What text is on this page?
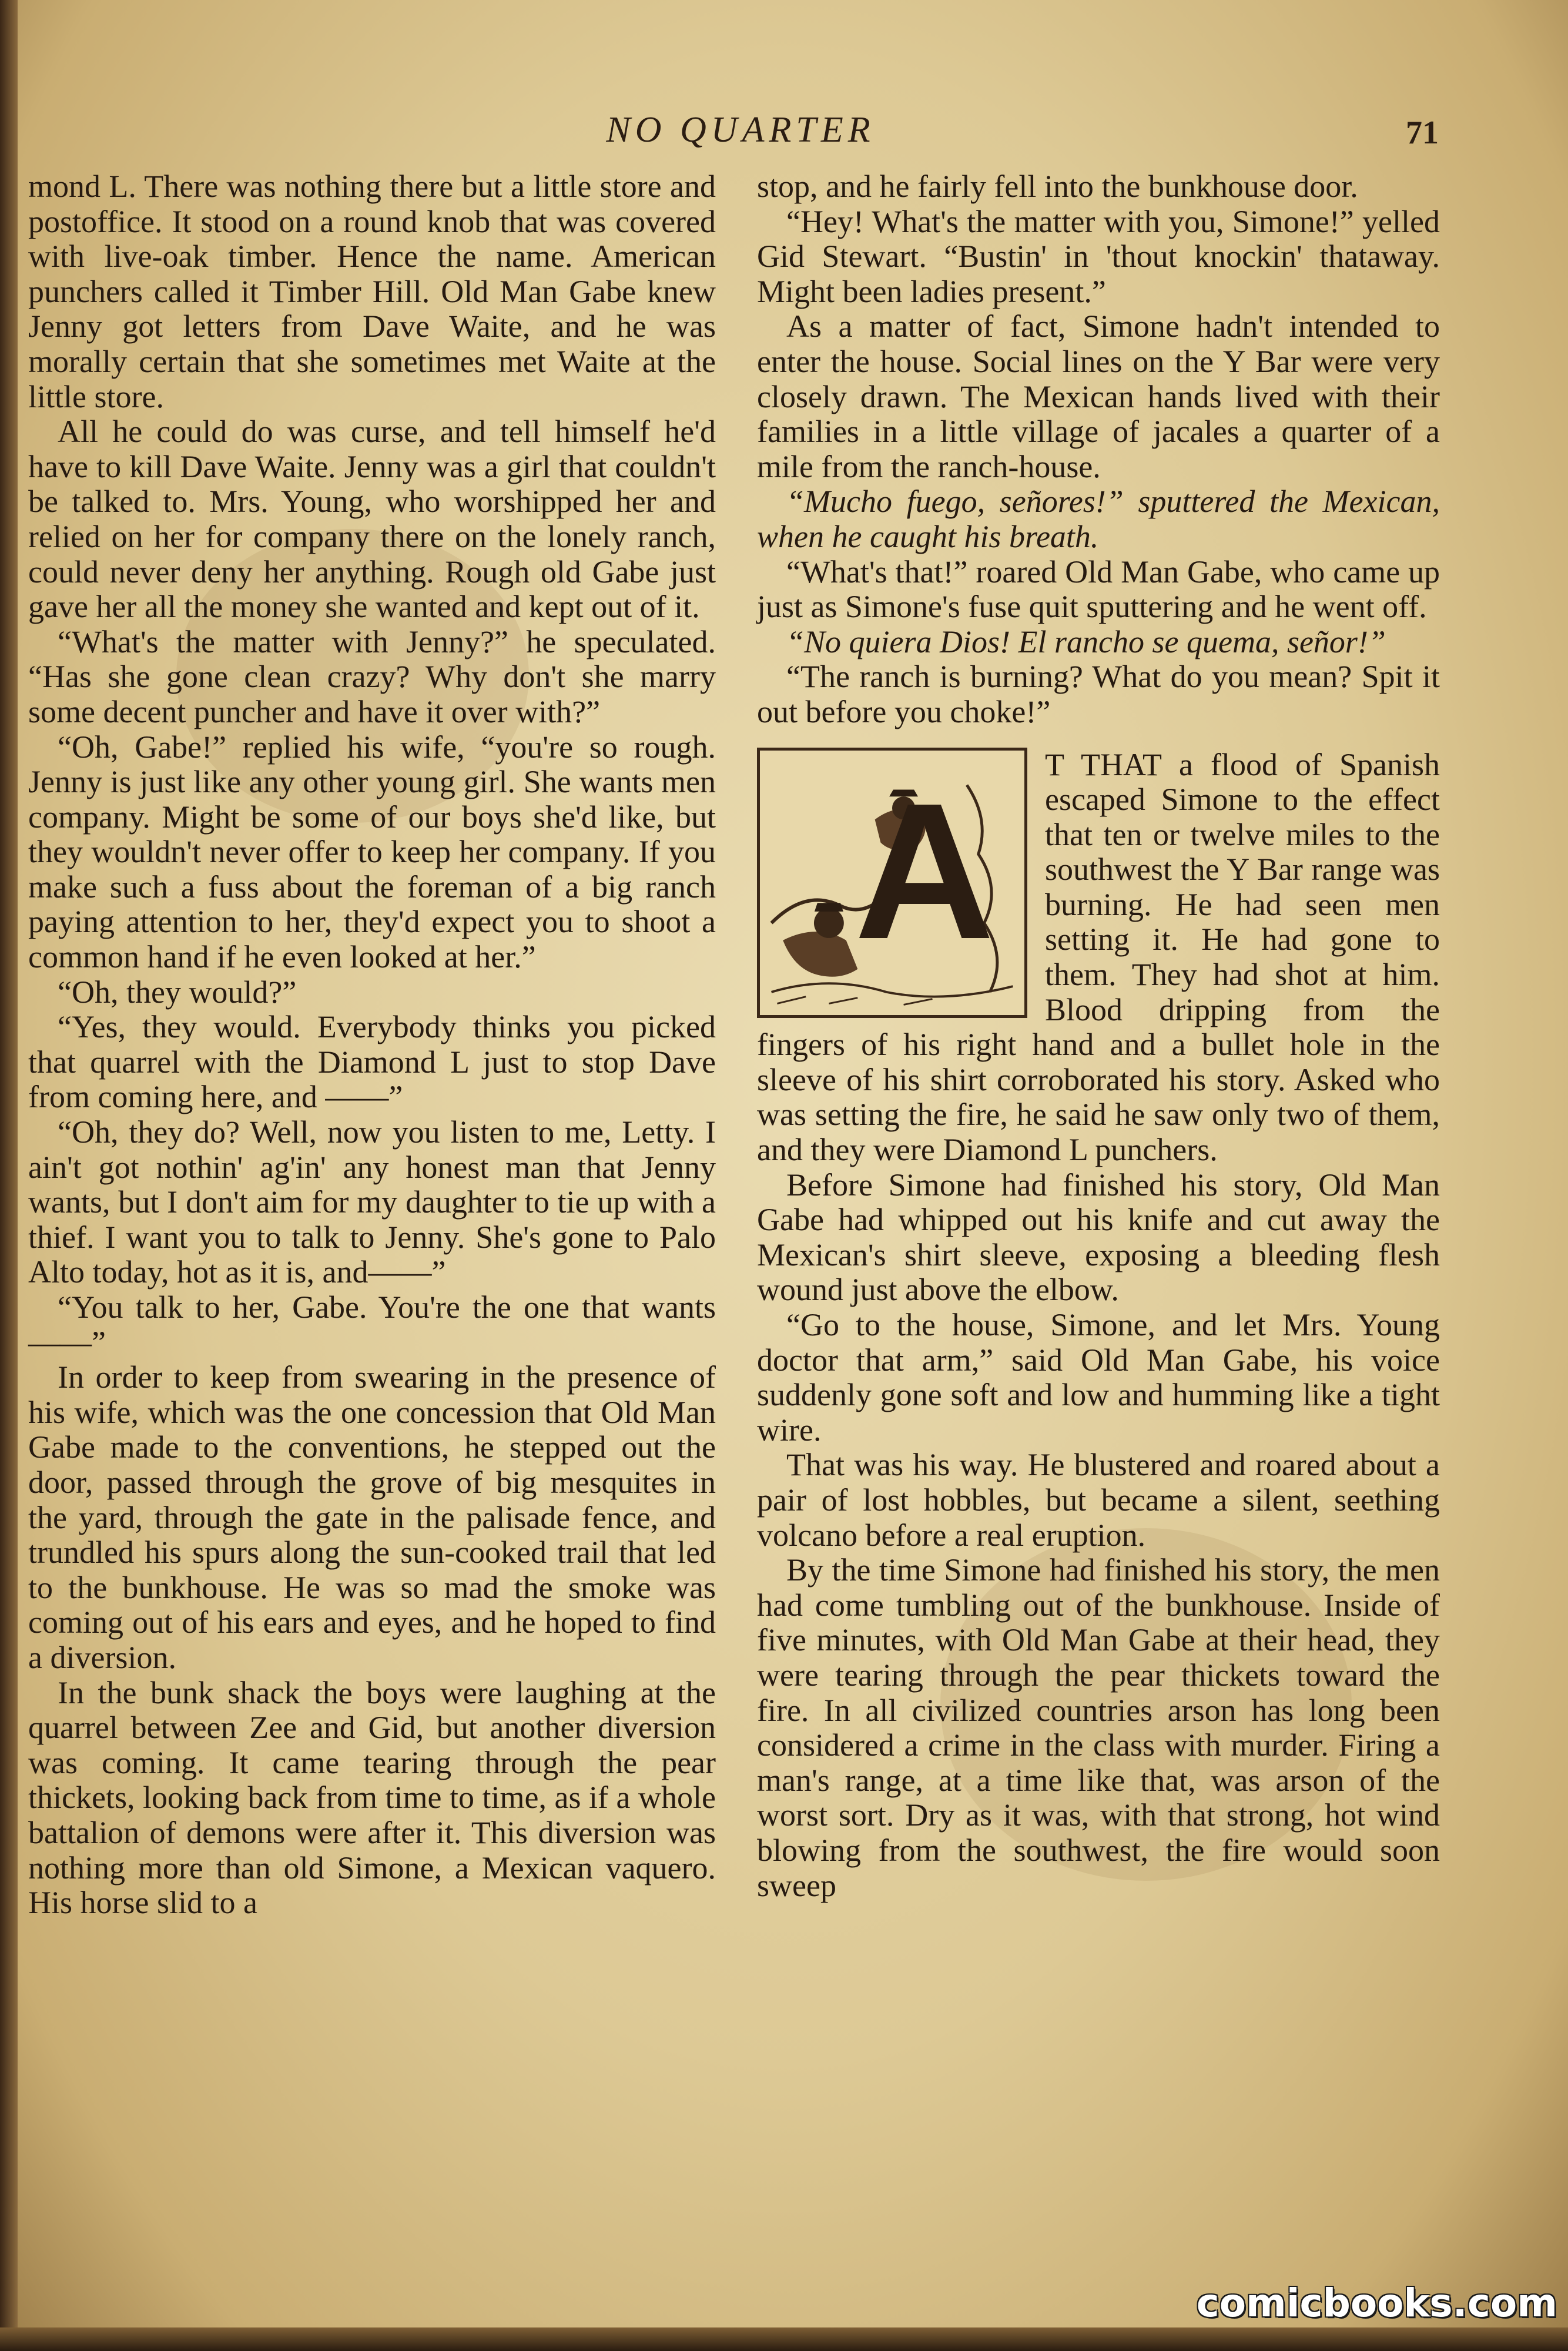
NO QUARTER	71

mond L. There was nothing there but a little store and postoffice. It stood on a round knob that was covered with live-oak timber. Hence the name. American punchers called it Timber Hill. Old Man Gabe knew Jenny got letters from Dave Waite, and he was morally certain that she sometimes met Waite at the little store.

All he could do was curse, and tell himself he'd have to kill Dave Waite. Jenny was a girl that couldn't be talked to. Mrs. Young, who worshipped her and relied on her for company there on the lonely ranch, could never deny her anything. Rough old Gabe just gave her all the money she wanted and kept out of it.

“What's the matter with Jenny?” he speculated. “Has she gone clean crazy? Why don't she marry some decent puncher and have it over with?”

“Oh, Gabe!” replied his wife, “you're so rough. Jenny is just like any other young girl. She wants men company. Might be some of our boys she'd like, but they wouldn't never offer to keep her company. If you make such a fuss about the foreman of a big ranch paying attention to her, they'd expect you to shoot a common hand if he even looked at her.”

“Oh, they would?”

“Yes, they would. Everybody thinks you picked that quarrel with the Diamond L just to stop Dave from coming here, and ——”

“Oh, they do? Well, now you listen to me, Letty. I ain't got nothin' ag'in' any honest man that Jenny wants, but I don't aim for my daughter to tie up with a thief. I want you to talk to Jenny. She's gone to Palo Alto today, hot as it is, and——”

“You talk to her, Gabe. You're the one that wants——”

In order to keep from swearing in the presence of his wife, which was the one concession that Old Man Gabe made to the conventions, he stepped out the door, passed through the grove of big mesquites in the yard, through the gate in the palisade fence, and trundled his spurs along the sun-cooked trail that led to the bunkhouse. He was so mad the smoke was coming out of his ears and eyes, and he hoped to find a diversion.

In the bunk shack the boys were laughing at the quarrel between Zee and Gid, but another diversion was coming. It came tearing through the pear thickets, looking back from time to time, as if a whole battalion of demons were after it. This diversion was nothing more than old Simone, a Mexican vaquero. His horse slid to a

stop, and he fairly fell into the bunkhouse door.

“Hey! What's the matter with you, Simone!” yelled Gid Stewart. “Bustin' in 'thout knockin' thataway. Might been ladies present.”

As a matter of fact, Simone hadn't intended to enter the house. Social lines on the Y Bar were very closely drawn. The Mexican hands lived with their families in a little village of jacales a quarter of a mile from the ranch-house.

“Mucho fuego, señores!” sputtered the Mexican, when he caught his breath.

“What's that!” roared Old Man Gabe, who came up just as Simone's fuse quit sputtering and he went off.

“No quiera Dios! El rancho se quema, señor!”

“The ranch is burning? What do you mean? Spit it out before you choke!”

A	T THAT a flood of Spanish escaped Simone to the effect that ten or twelve miles to the southwest the Y Bar range was burning. He had seen men setting it. He had gone to them. They had shot at him. Blood dripping from the fingers of his right hand and a bullet hole in the sleeve of his shirt corroborated his story. Asked who was setting the fire, he said he saw only two of them, and they were Diamond L punchers.

Before Simone had finished his story, Old Man Gabe had whipped out his knife and cut away the Mexican's shirt sleeve, exposing a bleeding flesh wound just above the elbow.

“Go to the house, Simone, and let Mrs. Young doctor that arm,” said Old Man Gabe, his voice suddenly gone soft and low and humming like a tight wire.

That was his way. He blustered and roared about a pair of lost hobbles, but became a silent, seething volcano before a real eruption.

By the time Simone had finished his story, the men had come tumbling out of the bunkhouse. Inside of five minutes, with Old Man Gabe at their head, they were tearing through the pear thickets toward the fire. In all civilized countries arson has long been considered a crime in the class with murder. Firing a man's range, at a time like that, was arson of the worst sort. Dry as it was, with that strong, hot wind blowing from the southwest, the fire would soon sweep

comicbooks.com
